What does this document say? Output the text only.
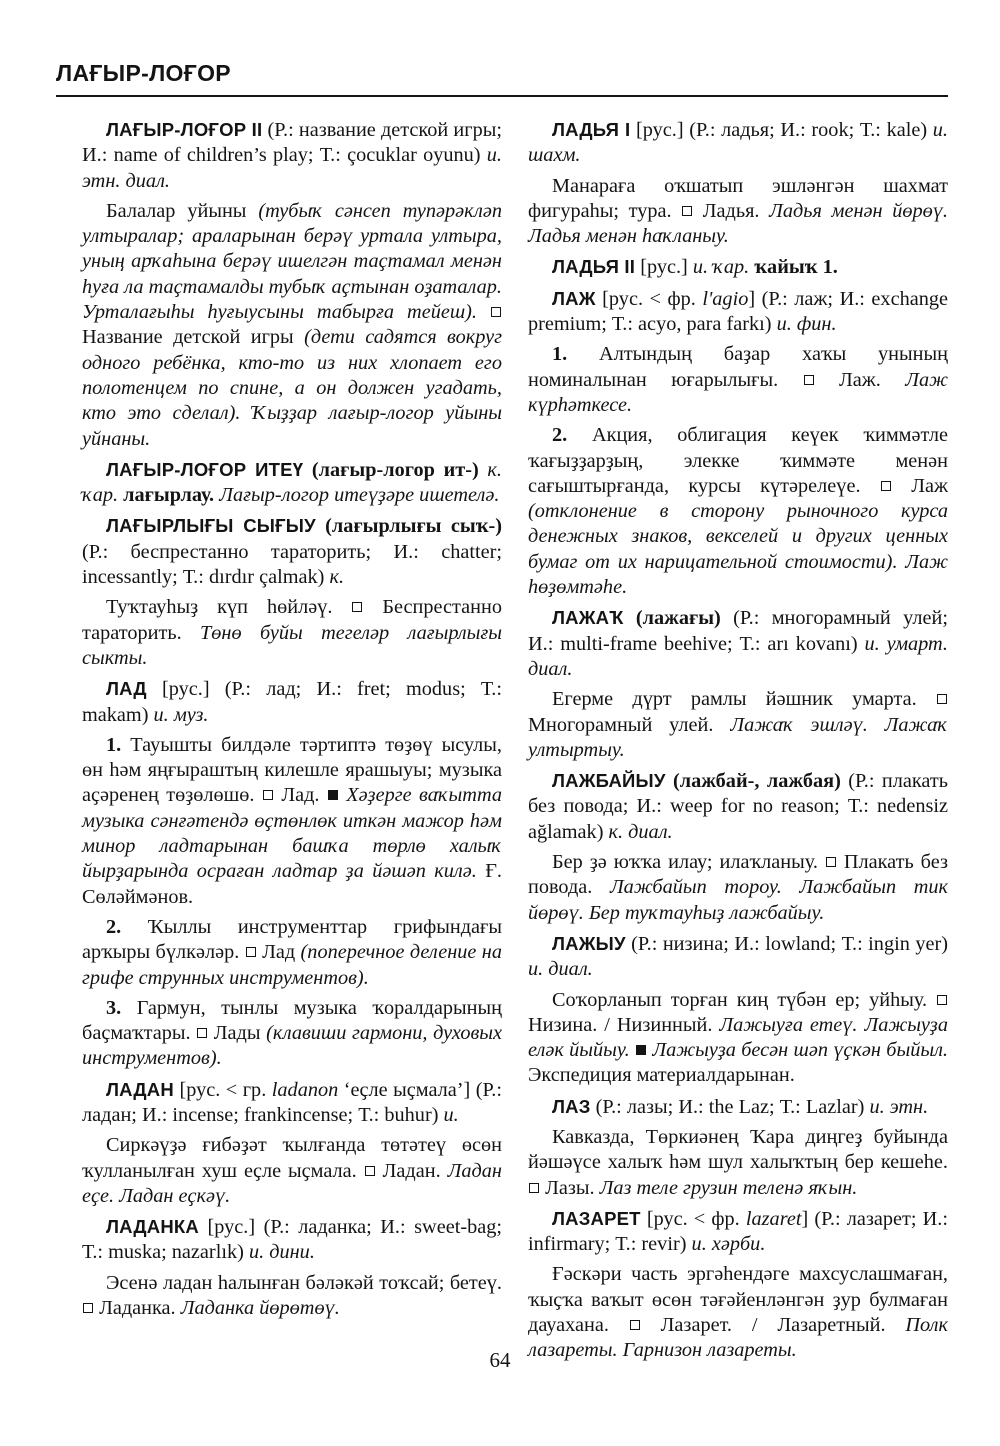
ЛАҒЫР-ЛОҒОР

ЛАҒЫР-ЛОҒОР II (Р.: название детской игры; И.: name of children’s play; Т.: çocuklar oyunu) и. этн. диал.

Балалар уйыны (тубыҡ сәнсеп тупәрәкләп ултыралар; араларынан берәү уртала ултыра, уның арҡаһына берәү ишелгән таҫтамал менән һуға ла таҫтамалды тубыҡ аҫтынан оҙаталар. Урталағыһы һуғыусыны табырға тейеш).  Название детской игры (дети садятся вокруг одного ребёнка, кто-то из них хлопает его полотенцем по спине, а он должен угадать, кто это сделал). Ҡыҙҙар лағыр-логор уйыны уйнаны.

ЛАҒЫР-ЛОҒОР ИТЕҮ (лағыр-логор ит-) к. ҡар. лағырлау. Лағыр-логор итеүҙәре ишетелә.

ЛАҒЫРЛЫҒЫ СЫҒЫУ (лағырлығы сыҡ-) (Р.: беспрестанно тараторить; И.: chatter; incessantly; Т.: dırdır çalmak) к.

Туҡтауһыҙ күп һөйләү.  Беспрестанно тараторить. Төнө буйы тегеләр лағырлығы сыкты.

ЛАД [рус.] (Р.: лад; И.: fret; modus; Т.: makam) и. муз.

1. Тауышты билдәле тәртиптә төҙөү ысулы, өн һәм яңғыраштың килешле ярашыуы; музыка аҫәренең төҙөлөшө.  Лад.  Хәҙерге ваҡытта музыка сәнғәтендә өҫтөнлөк иткән мажор һәм минор ладтарынан башҡа төрлө халыҡ йырҙарында осраған ладтар ҙа йәшәп килә. Ғ. Сөләймәнов.

2. Ҡыллы инструменттар грифындағы арҡыры бүлкәләр.  Лад (поперечное деление на грифе струнных инструментов).

3. Гармун, тынлы музыка ҡоралдарының баҫмаҡтары.  Лады (клавиши гармони, духовых инструментов).

ЛАДАН [рус. < гр. ladanon ‘еҫле ыҫмала’] (Р.: ладан; И.: incense; frankincense; Т.: buhur) и.

Сиркәүҙә ғибәҙәт ҡылғанда төтәтеү өсөн ҡулланылған хуш еҫле ыҫмала.  Ладан. Ладан еҫе. Ладан еҫкәү.

ЛАДАНКА [рус.] (Р.: ладанка; И.: sweet-bag; Т.: muska; nazarlık) и. дини.

Эсенә ладан һалынған бәләкәй тоҡсай; бетеү.  Ладанка. Ладанка йөрөтөү.

ЛАДЬЯ I [рус.] (Р.: ладья; И.: rook; Т.: kale) и. шахм.

Манараға оҡшатып эшләнгән шахмат фигураһы; тура.  Ладья. Ладья менән йөрөү. Ладья менән һаҡланыу.

ЛАДЬЯ II [рус.] и. ҡар. ҡайыҡ 1.

ЛАЖ [рус. < фр. l'agio] (Р.: лаж; И.: exchange premium; Т.: acyo, para farkı) и. фин.

1. Алтындың баҙар хаҡы унының номиналынан юғарылығы.  Лаж. Лаж күрһәткесе.

2. Акция, облигация кеүек ҡиммәтле ҡағыҙҙарҙың, элекке ҡиммәте менән сағыштырғанда, курсы күтәрелеүе.  Лаж (отклонение в сторону рыночного курса денежных знаков, векселей и других ценных бумаг от их нарицательной стоимости). Лаж һөҙөмтәһе.

ЛАЖАҠ (лажағы) (Р.: многорамный улей; И.: multi-frame beehive; Т.: arı kovanı) и. умарт. диал.

Егерме дүрт рамлы йәшник умарта.  Многорамный улей. Лажаҡ эшләү. Лажаҡ ултыртыу.

ЛАЖБАЙЫУ (лажбай-, лажбая) (Р.: плакать без повода; И.: weep for no reason; Т.: nedensiz ağlamak) к. диал.

Бер ҙә юҡҡа илау; илаҡланыу.  Плакать без повода. Лажбайып тороу. Лажбайып тик йөрөү. Бер туҡтауһыҙ лажбайыу.

ЛАЖЫУ (Р.: низина; И.: lowland; Т.: ingin yer) и. диал.

Соҡорланып торған киң түбән ер; уйһыу.  Низина. / Низинный. Лажыуға етеү. Лажыуҙа еләк йыйыу.  Лажыуҙа бесән шәп үҫкән быйыл. Экспедиция материалдарынан.

ЛАЗ (Р.: лазы; И.: the Laz; Т.: Lazlar) и. этн.

Кавказда, Төркиәнең Ҡара диңгеҙ буйында йәшәүсе халыҡ һәм шул халыҡтың бер кешеһе.  Лазы. Лаз теле грузин теленә яҡын.

ЛАЗАРЕТ [рус. < фр. lazaret] (Р.: лазарет; И.: infirmary; Т.: revir) и. хәрби.

Ғәскәри часть эргәһендәге махсуслашмаған, ҡыҫҡа ваҡыт өсөн тәғәйенләнгән ҙур булмаған дауахана.  Лазарет. / Лазаретный. Полк лазареты. Гарнизон лазареты.

64
